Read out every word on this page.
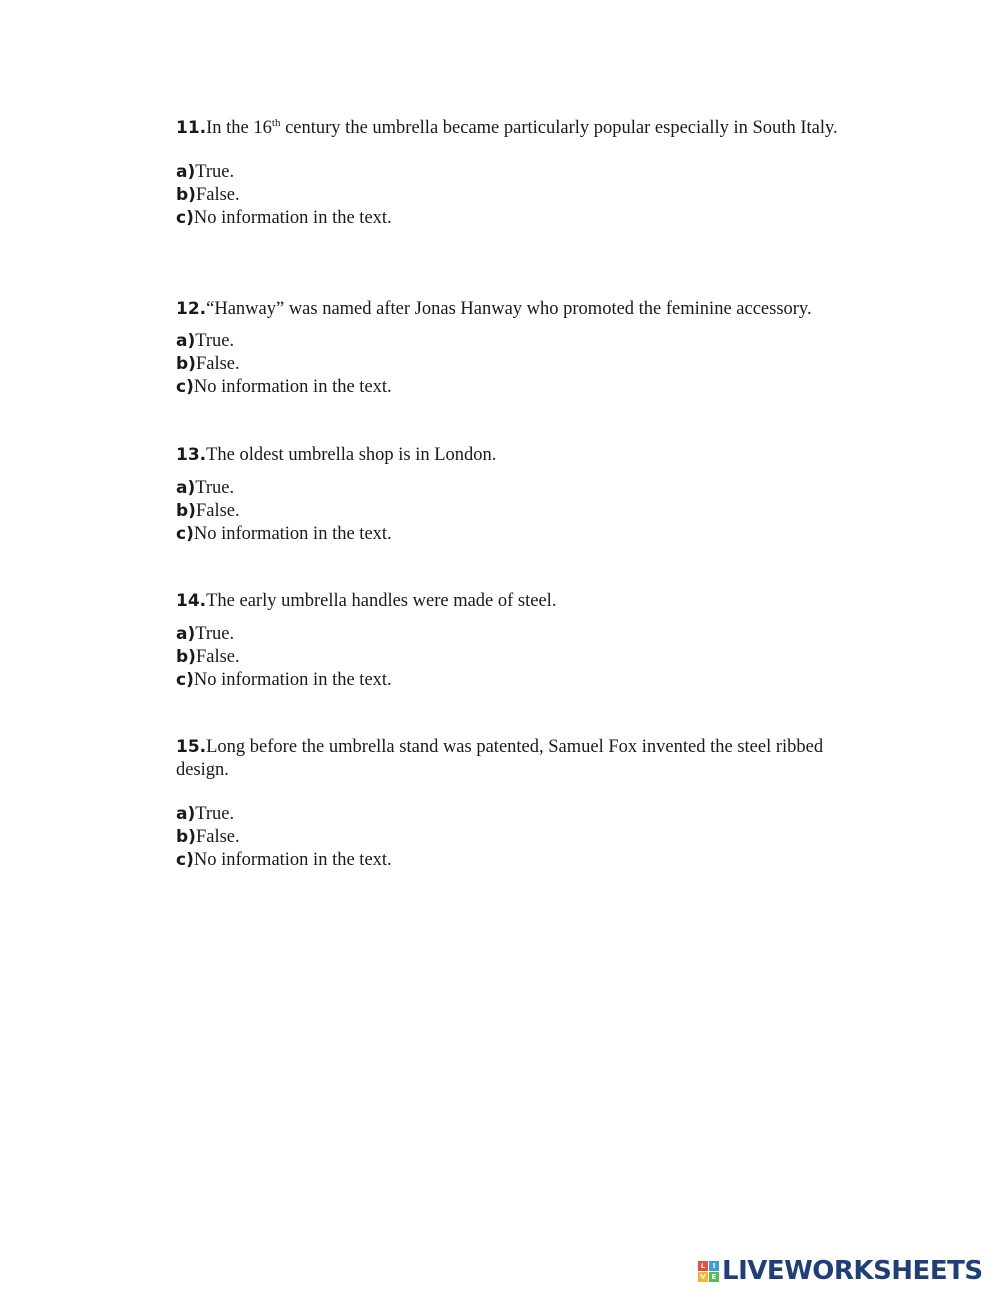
11.In the 16th century the umbrella became particularly popular especially in South Italy.

a)True.
b)False.
c)No information in the text.

12.“Hanway” was named after Jonas Hanway who promoted the feminine accessory.

a)True.
b)False.
c)No information in the text.

13.The oldest umbrella shop is in London.

a)True.
b)False.
c)No information in the text.

14.The early umbrella handles were made of steel.

a)True.
b)False.
c)No information in the text.

15.Long before the umbrella stand was patented, Samuel Fox invented the steel ribbed design.

a)True.
b)False.
c)No information in the text.
L	I
V E LIVEWORKSHEETS
